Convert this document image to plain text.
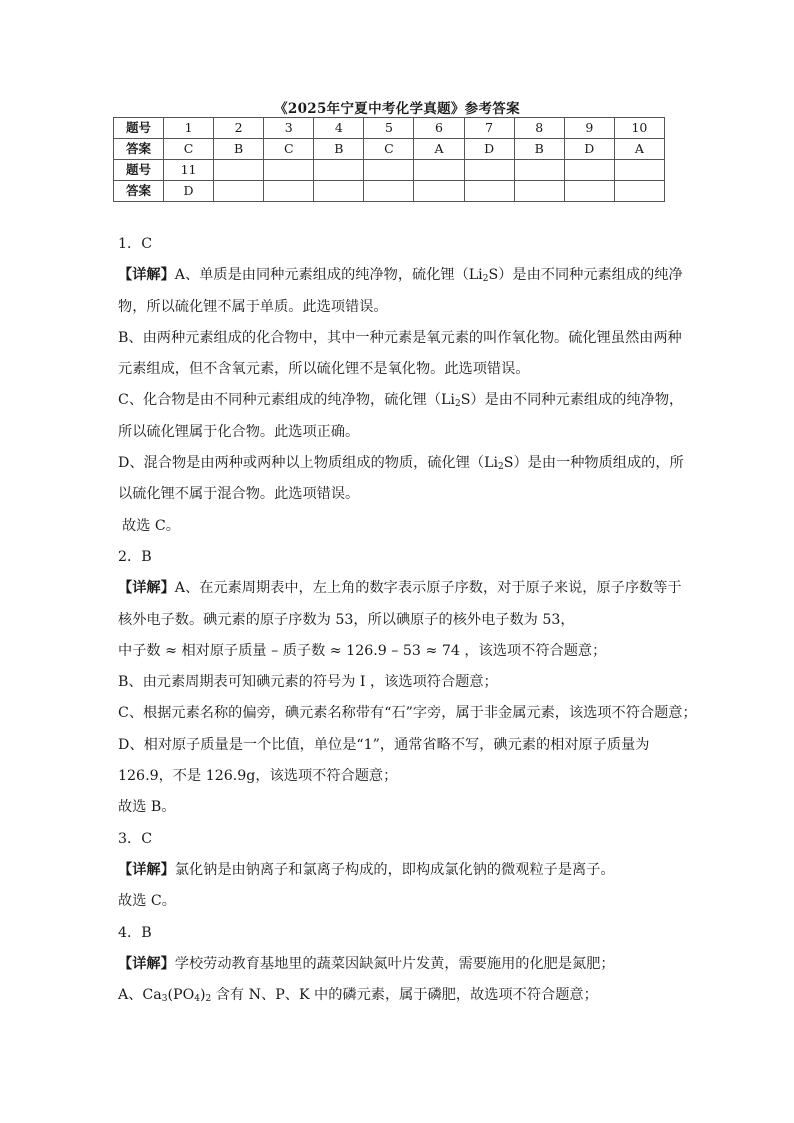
《2025年宁夏中考化学真题》参考答案
题号	1	2	3	4	5	6	7	8	9	10
答案	C	B	C	B	C	A	D	B	D	A
题号	11									
答案	D									
1．C
【详解】A、单质是由同种元素组成的纯净物，硫化锂$(Li_2S)$是由不同种元素组成的纯净
物，所以硫化锂不属于单质。此选项错误。
B、由两种元素组成的化合物中，其中一种元素是氧元素的叫作氧化物。硫化锂虽然由两种
元素组成，但不含氧元素，所以硫化锂不是氧化物。此选项错误。
C、化合物是由不同种元素组成的纯净物，硫化锂$(Li_2S)$是由不同种元素组成的纯净物，
所以硫化锂属于化合物。此选项正确。
D、混合物是由两种或两种以上物质组成的物质，硫化锂$(Li_2S)$是由一种物质组成的，所
以硫化锂不属于混合物。此选项错误。
故选 C。
2．B
【详解】A、在元素周期表中，左上角的数字表示原子序数，对于原子来说，原子序数等于
核外电子数。碘元素的原子序数为 53，所以碘原子的核外电子数为 53，
中子数 ≈ 相对原子质量 – 质子数 ≈ 126.9 – 53 ≈ 74 ，该选项不符合题意；
B、由元素周期表可知碘元素的符号为 I ，该选项符合题意；
C、根据元素名称的偏旁，碘元素名称带有“石”字旁，属于非金属元素，该选项不符合题意；
D、相对原子质量是一个比值，单位是“1”，通常省略不写，碘元素的相对原子质量为
126.9，不是 126.9g，该选项不符合题意；
故选 B。
3．C
【详解】氯化钠是由钠离子和氯离子构成的，即构成氯化钠的微观粒子是离子。
故选 C。
4．B
【详解】学校劳动教育基地里的蔬菜因缺氮叶片发黄，需要施用的化肥是氮肥；
A、$Ca_3(PO_4)_2$ 含有 N、P、K 中的磷元素，属于磷肥，故选项不符合题意；
